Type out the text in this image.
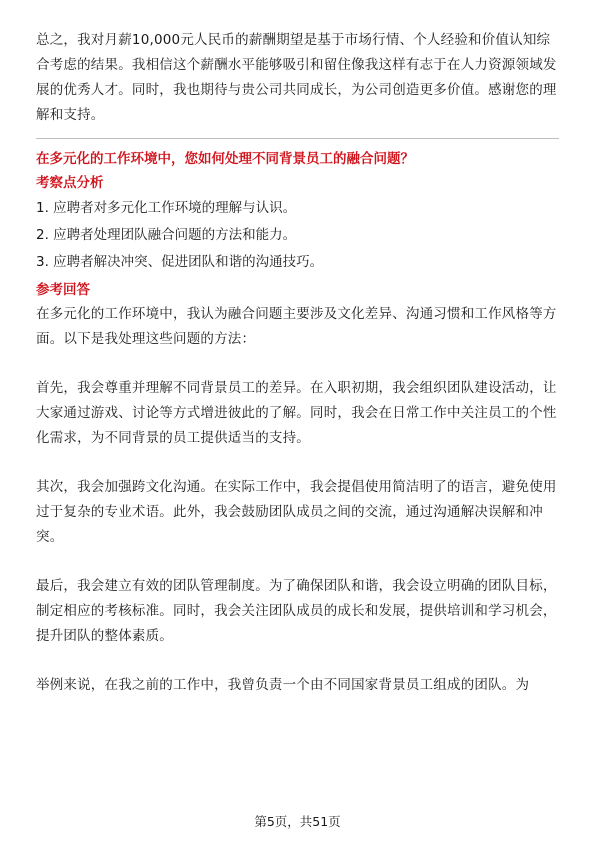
总之，我对月薪10,000元人民币的薪酬期望是基于市场行情、个人经验和价值认知综合考虑的结果。我相信这个薪酬水平能够吸引和留住像我这样有志于在人力资源领域发展的优秀人才。同时，我也期待与贵公司共同成长，为公司创造更多价值。感谢您的理解和支持。

在多元化的工作环境中，您如何处理不同背景员工的融合问题？

考察点分析

1. 应聘者对多元化工作环境的理解与认识。

2. 应聘者处理团队融合问题的方法和能力。

3. 应聘者解决冲突、促进团队和谐的沟通技巧。

参考回答

在多元化的工作环境中，我认为融合问题主要涉及文化差异、沟通习惯和工作风格等方面。以下是我处理这些问题的方法：

首先，我会尊重并理解不同背景员工的差异。在入职初期，我会组织团队建设活动，让大家通过游戏、讨论等方式增进彼此的了解。同时，我会在日常工作中关注员工的个性化需求，为不同背景的员工提供适当的支持。

其次，我会加强跨文化沟通。在实际工作中，我会提倡使用简洁明了的语言，避免使用过于复杂的专业术语。此外，我会鼓励团队成员之间的交流，通过沟通解决误解和冲突。

最后，我会建立有效的团队管理制度。为了确保团队和谐，我会设立明确的团队目标，制定相应的考核标准。同时，我会关注团队成员的成长和发展，提供培训和学习机会，提升团队的整体素质。

举例来说，在我之前的工作中，我曾负责一个由不同国家背景员工组成的团队。为

第5页，共51页
